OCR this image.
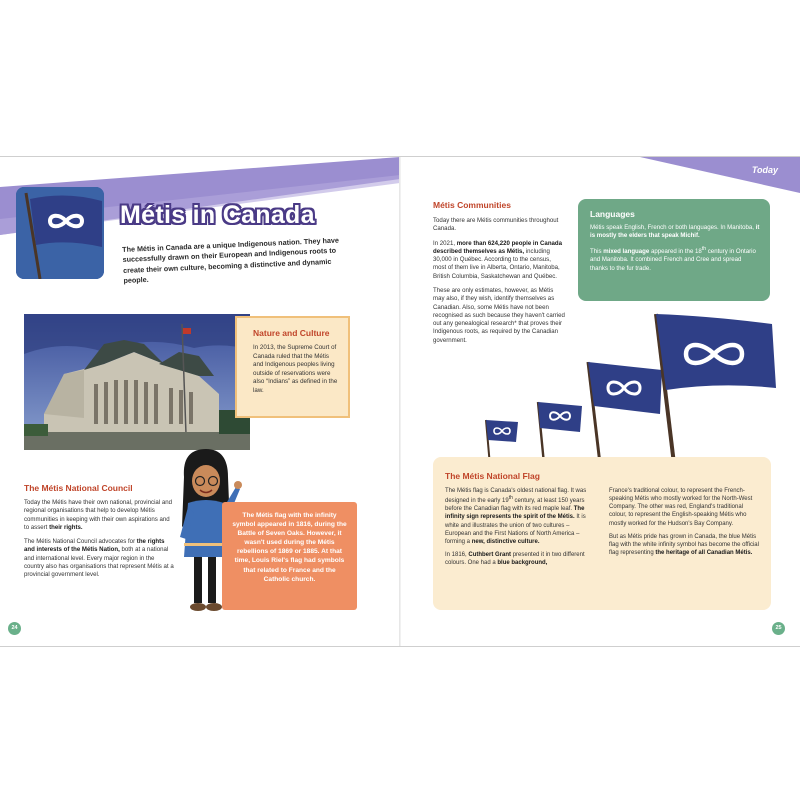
Métis in Canada
The Métis in Canada are a unique Indigenous nation. They have successfully drawn on their European and Indigenous roots to create their own culture, becoming a distinctive and dynamic people.
Nature and Culture
In 2013, the Supreme Court of Canada ruled that the Métis and Indigenous peoples living outside of reservations were also “Indians” as defined in the law.
The Métis National Council

Today the Métis have their own national, provincial and regional organisations that help to develop Métis communities in keeping with their own aspirations and to assert their rights.

The Métis National Council advocates for the rights and interests of the Métis Nation, both at a national and international level. Every major region in the country also has organisations that represent Métis at a provincial government level.

The Métis flag with the infinity symbol appeared in 1816, during the Battle of Seven Oaks. However, it wasn't used during the Métis rebellions of 1869 or 1885. At that time, Louis Riel's flag had symbols that related to France and the Catholic church.
24
Today
Métis Communities

Today there are Métis communities throughout Canada.

In 2021, more than 624,220 people in Canada described themselves as Métis, including 30,000 in Québec. According to the census, most of them live in Alberta, Ontario, Manitoba, British Columbia, Saskatchewan and Québec.

These are only estimates, however, as Métis may also, if they wish, identify themselves as Canadian. Also, some Métis have not been recognised as such because they haven't carried out any genealogical research* that proves their Indigenous roots, as required by the Canadian government.

Languages

Métis speak English, French or both languages. In Manitoba, it is mostly the elders that speak Michif.

This mixed language appeared in the 18th century in Ontario and Manitoba. It combined French and Cree and spread thanks to the fur trade.

The Métis National Flag

The Métis flag is Canada's oldest national flag. It was designed in the early 19th century, at least 150 years before the Canadian flag with its red maple leaf. The infinity sign represents the spirit of the Métis. It is white and illustrates the union of two cultures – European and the First Nations of North America – forming a new, distinctive culture.

In 1816, Cuthbert Grant presented it in two different colours. One had a blue background,

France's traditional colour, to represent the French-speaking Métis who mostly worked for the North-West Company. The other was red, England's traditional colour, to represent the English-speaking Métis who mostly worked for the Hudson's Bay Company.

But as Métis pride has grown in Canada, the blue Métis flag with the white infinity symbol has become the official flag representing the heritage of all Canadian Métis.

25
